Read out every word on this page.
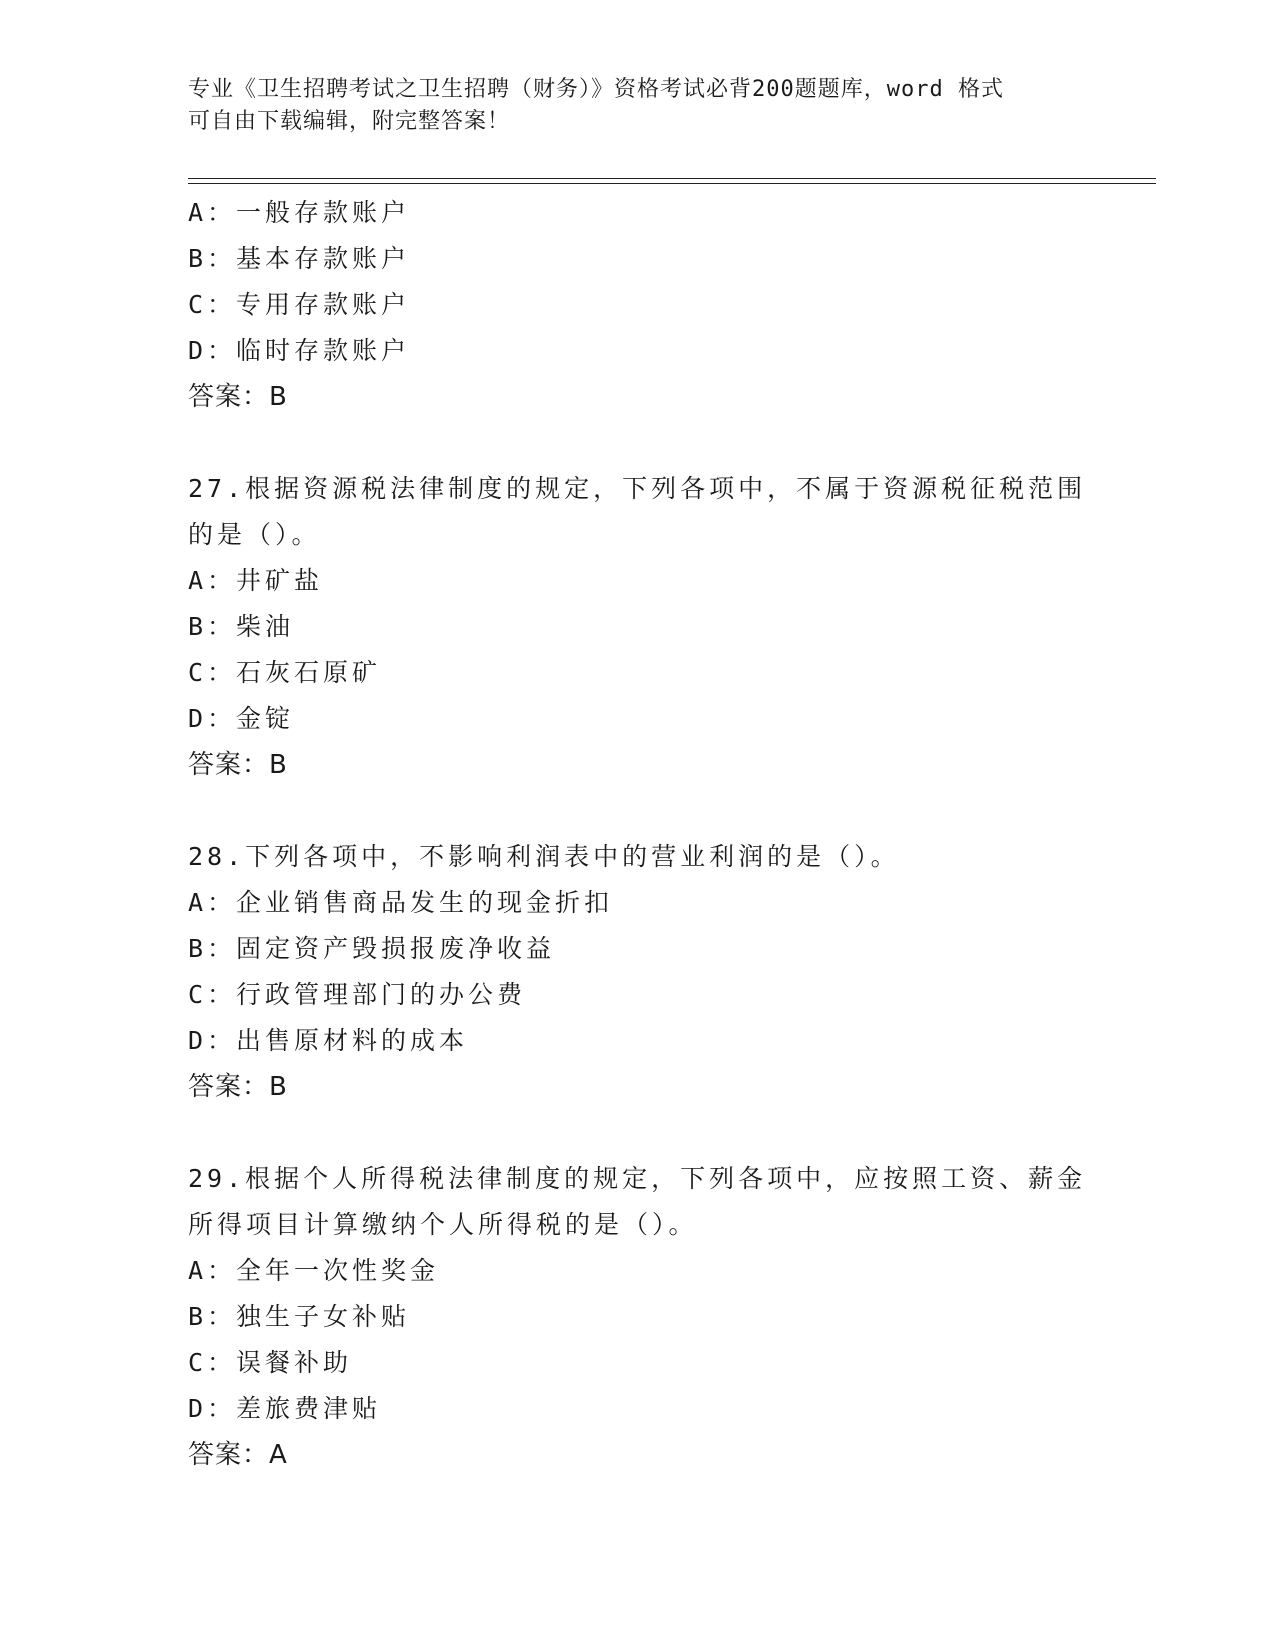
专业《卫生招聘考试之卫生招聘（财务）》资格考试必背200题题库，word 格式
可自由下载编辑，附完整答案！
A：一般存款账户
B：基本存款账户
C：专用存款账户
D：临时存款账户
答案：B
27.根据资源税法律制度的规定，下列各项中，不属于资源税征税范围
的是（）。
A：井矿盐
B：柴油
C：石灰石原矿
D：金锭
答案：B
28.下列各项中，不影响利润表中的营业利润的是（）。
A：企业销售商品发生的现金折扣
B：固定资产毁损报废净收益
C：行政管理部门的办公费
D：出售原材料的成本
答案：B
29.根据个人所得税法律制度的规定，下列各项中，应按照工资、薪金
所得项目计算缴纳个人所得税的是（）。
A：全年一次性奖金
B：独生子女补贴
C：误餐补助
D：差旅费津贴
答案：A
